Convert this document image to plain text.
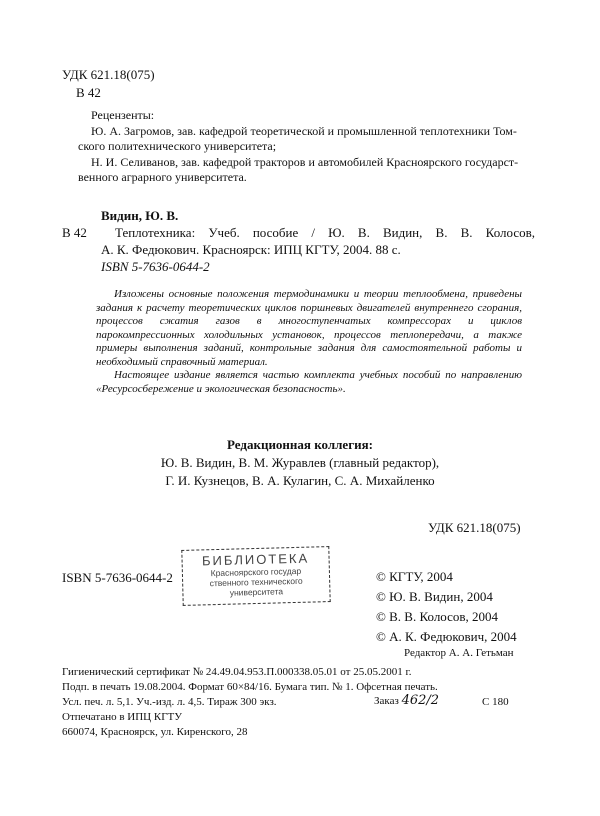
УДК 621.18(075)
В 42
Рецензенты:
Ю. А. Загромов, зав. кафедрой теоретической и промышленной теплотехники Том-
ского политехнического университета;
Н. И. Селиванов, зав. кафедрой тракторов и автомобилей Красноярского государст-
венного аграрного университета.
В 42
Видин, Ю. В.
Теплотехника: Учеб. пособие / Ю. В. Видин, В. В. Колосов,
А. К. Федюкович. Красноярск: ИПЦ КГТУ, 2004. 88 с.
ISBN 5-7636-0644-2

Изложены основные положения термодинамики и теории теплообмена, приведены задания к расчету теоретических циклов поршневых двигателей внутреннего сгорания, процессов сжатия газов в многоступенчатых компрессорах и циклов парокомпрессионных холодильных установок, процессов теплопередачи, а также примеры выполнения заданий, контрольные задания для самостоятельной работы и необходимый справочный материал.

Настоящее издание является частью комплекта учебных пособий по направлению «Ресурсосбережение и экологическая безопасность».

Редакционная коллегия:
Ю. В. Видин, В. М. Журавлев (главный редактор),
Г. И. Кузнецов, В. А. Кулагин, С. А. Михайленко
УДК 621.18(075)
ISBN 5-7636-0644-2
БИБЛИОТЕКА
Красноярского государ
ственного технического
университета
© КГТУ, 2004
© Ю. В. Видин, 2004
© В. В. Колосов, 2004
© А. К. Федюкович, 2004
Редактор А. А. Гетьман
Гигиенический сертификат № 24.49.04.953.П.000338.05.01 от 25.05.2001 г.
Подп. в печать 19.08.2004. Формат 60×84/16. Бумага тип. № 1. Офсетная печать.
Усл. печ. л. 5,1. Уч.-изд. л. 4,5. Тираж 300 экз.	Заказ 462/2	С 180
Отпечатано в ИПЦ КГТУ
660074, Красноярск, ул. Киренского, 28
